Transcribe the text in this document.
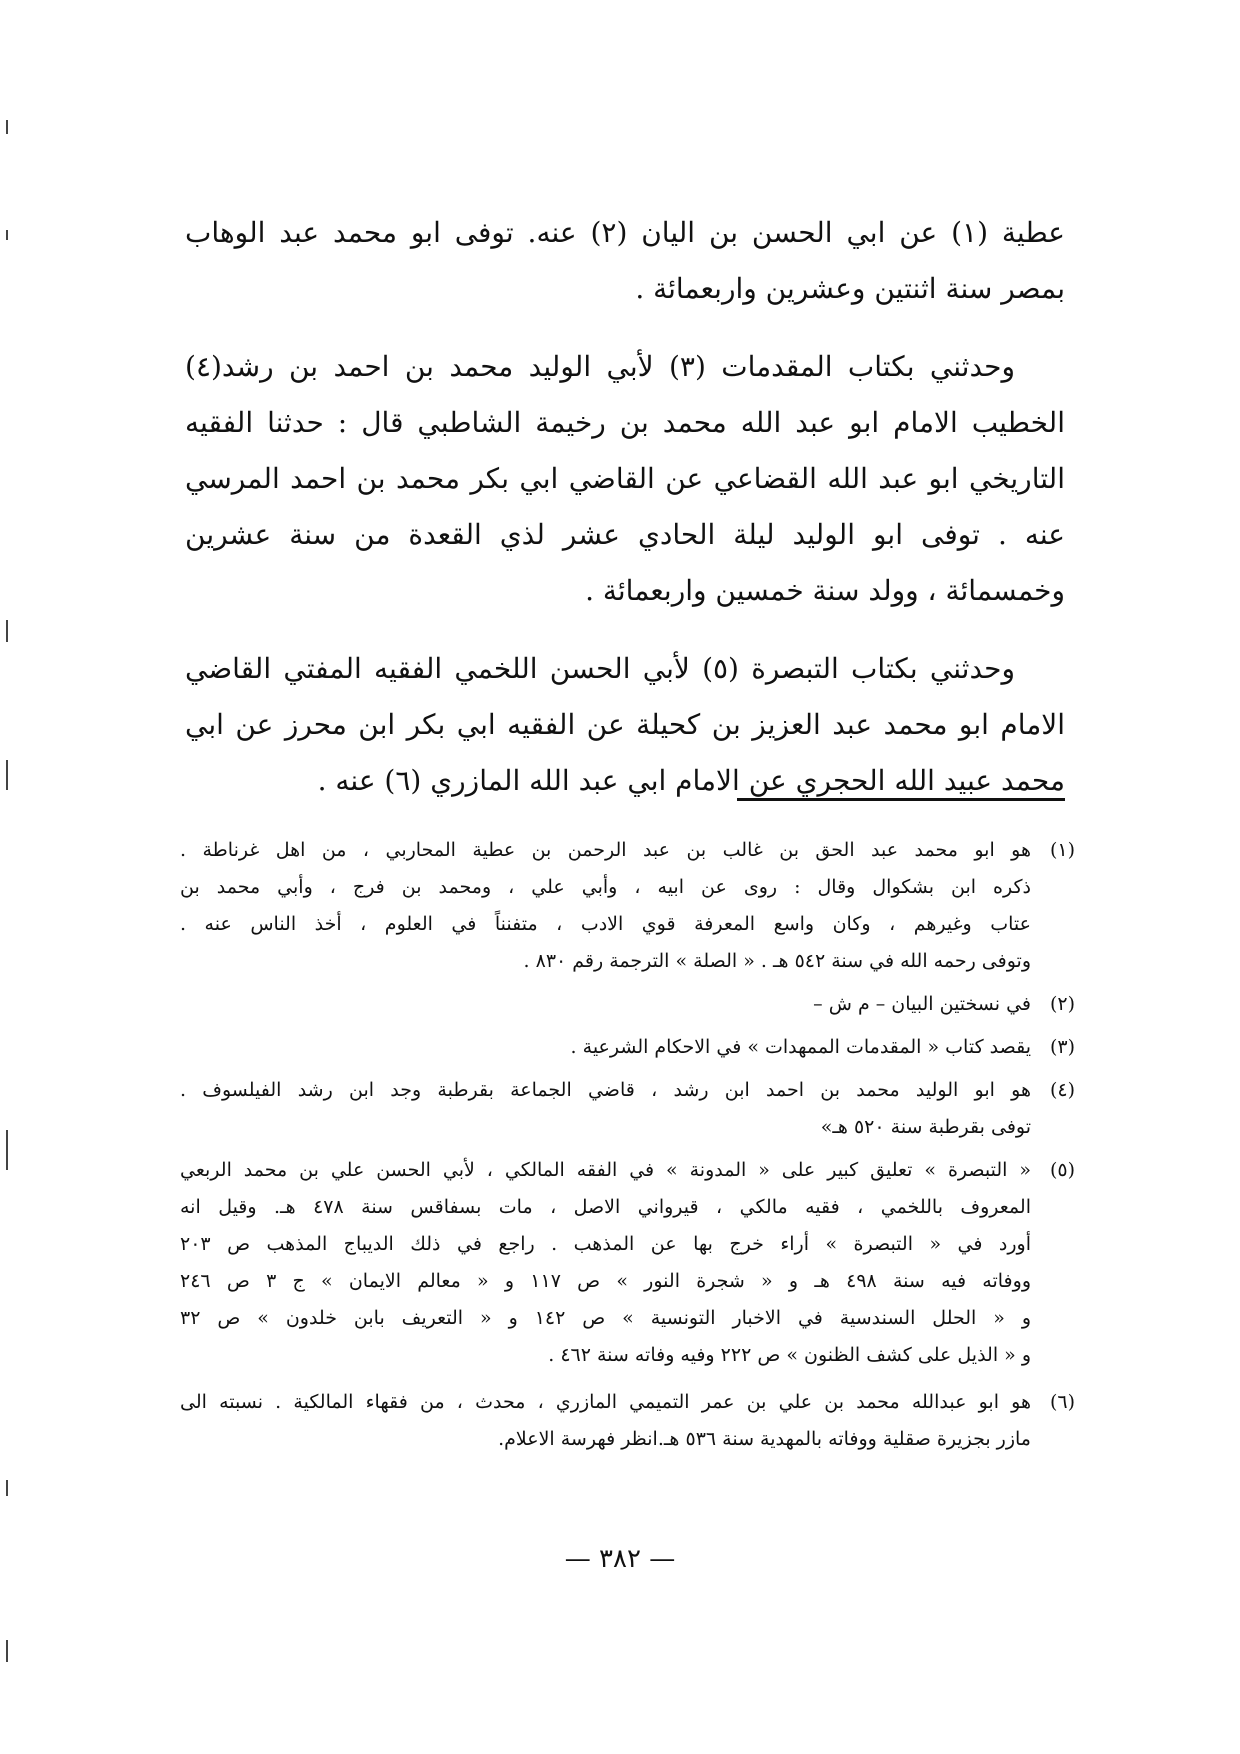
عطية (١) عن ابي الحسن بن اليان (٢) عنه. توفى ابو محمد عبد الوهاب بمصر سنة اثنتين وعشرين واربعمائة .

وحدثني بكتاب المقدمات (٣) لأبي الوليد محمد بن احمد بن رشد(٤) الخطيب الامام ابو عبد الله محمد بن رخيمة الشاطبي قال : حدثنا الفقيه التاريخي ابو عبد الله القضاعي عن القاضي ابي بكر محمد بن احمد المرسي عنه . توفى ابو الوليد ليلة الحادي عشر لذي القعدة من سنة عشرين وخمسمائة ، وولد سنة خمسين واربعمائة .

وحدثني بكتاب التبصرة (٥) لأبي الحسن اللخمي الفقيه المفتي القاضي الامام ابو محمد عبد العزيز بن كحيلة عن الفقيه ابي بكر ابن محرز عن ابي محمد عبيد الله الحجري عن الامام ابي عبد الله المازري (٦) عنه .

(١)
هو ابو محمد عبد الحق بن غالب بن عبد الرحمن بن عطية المحاربي ، من اهل غرناطة .
ذكره ابن بشكوال وقال : روى عن ابيه ، وأبي علي ، ومحمد بن فرج ، وأبي محمد بن
عتاب وغيرهم ، وكان واسع المعرفة قوي الادب ، متفنناً في العلوم ، أخذ الناس عنه .
وتوفى رحمه الله في سنة ٥٤٢ هـ . « الصلة » الترجمة رقم ٨٣٠ .
(٢)
في نسختين البيان – م ش –
(٣)
يقصد كتاب « المقدمات الممهدات » في الاحكام الشرعية .
(٤)
هو ابو الوليد محمد بن احمد ابن رشد ، قاضي الجماعة بقرطبة وجد ابن رشد الفيلسوف .
توفى بقرطبة سنة ٥٢٠ هـ»
(٥)
« التبصرة » تعليق كبير على « المدونة » في الفقه المالكي ، لأبي الحسن علي بن محمد الربعي
المعروف باللخمي ، فقيه مالكي ، قيرواني الاصل ، مات بسفاقس سنة ٤٧٨ هـ. وقيل انه
أورد في « التبصرة » أراء خرج بها عن المذهب . راجع في ذلك الديباج المذهب ص ٢٠٣
ووفاته فيه سنة ٤٩٨ هـ و « شجرة النور » ص ١١٧ و « معالم الايمان » ج ٣ ص ٢٤٦
و « الحلل السندسية في الاخبار التونسية » ص ١٤٢ و « التعريف بابن خلدون » ص ٣٢
و « الذيل على كشف الظنون » ص ٢٢٢ وفيه وفاته سنة ٤٦٢ .
(٦)
هو ابو عبدالله محمد بن علي بن عمر التميمي المازري ، محدث ، من فقهاء المالكية . نسبته الى
مازر بجزيرة صقلية ووفاته بالمهدية سنة ٥٣٦ هـ.انظر فهرسة الاعلام.
— ٣٨٢ —
